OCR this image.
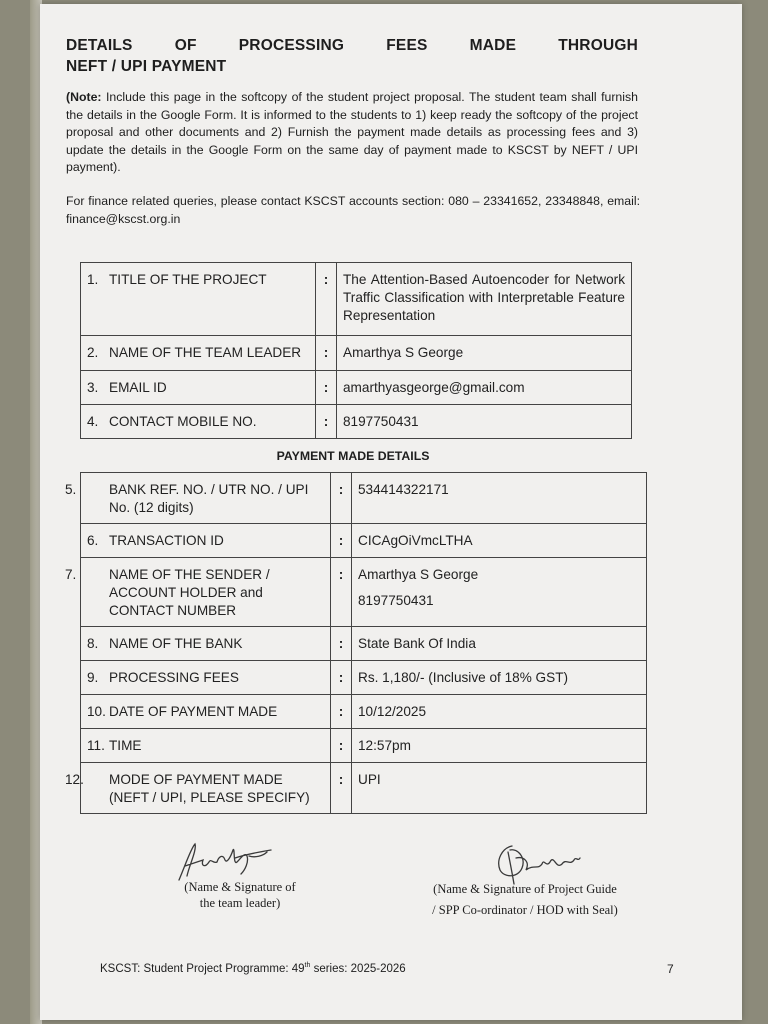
DETAILS OF PROCESSING FEES MADE THROUGH
NEFT / UPI PAYMENT
(Note: Include this page in the softcopy of the student project proposal. The student team shall furnish the details in the Google Form. It is informed to the students to 1) keep ready the softcopy of the project proposal and other documents and 2) Furnish the payment made details as processing fees and 3) update the details in the Google Form on the same day of payment made to KSCST by NEFT / UPI payment).
For finance related queries, please contact KSCST accounts section: 080 – 23341652, 23348848, email: finance@kscst.org.in
1. TITLE OF THE PROJECT	:	The Attention-Based Autoencoder for Network Traffic Classification with Interpretable Feature Representation
2. NAME OF THE TEAM LEADER	:	Amarthya S George
3. EMAIL ID	:	amarthyasgeorge@gmail.com
4. CONTACT MOBILE NO.	:	8197750431
PAYMENT MADE DETAILS
5. BANK REF. NO. / UTR NO. / UPI No. (12 digits)	:	534414322171
6. TRANSACTION ID	:	CICAgOiVmcLTHA

7. NAME OF THE SENDER / ACCOUNT HOLDER and CONTACT NUMBER	:	Amarthya S George
8197750431

8. NAME OF THE BANK	:	State Bank Of India
9. PROCESSING FEES	:	Rs. 1,180/- (Inclusive of 18% GST)
10. DATE OF PAYMENT MADE	:	10/12/2025
11. TIME	:	12:57pm

12. MODE OF PAYMENT MADE (NEFT / UPI, PLEASE SPECIFY)	:	UPI
(Name & Signature of
the team leader)
(Name & Signature of Project Guide
/ SPP Co-ordinator / HOD with Seal)
KSCST: Student Project Programme: 49th series: 2025-2026	7
